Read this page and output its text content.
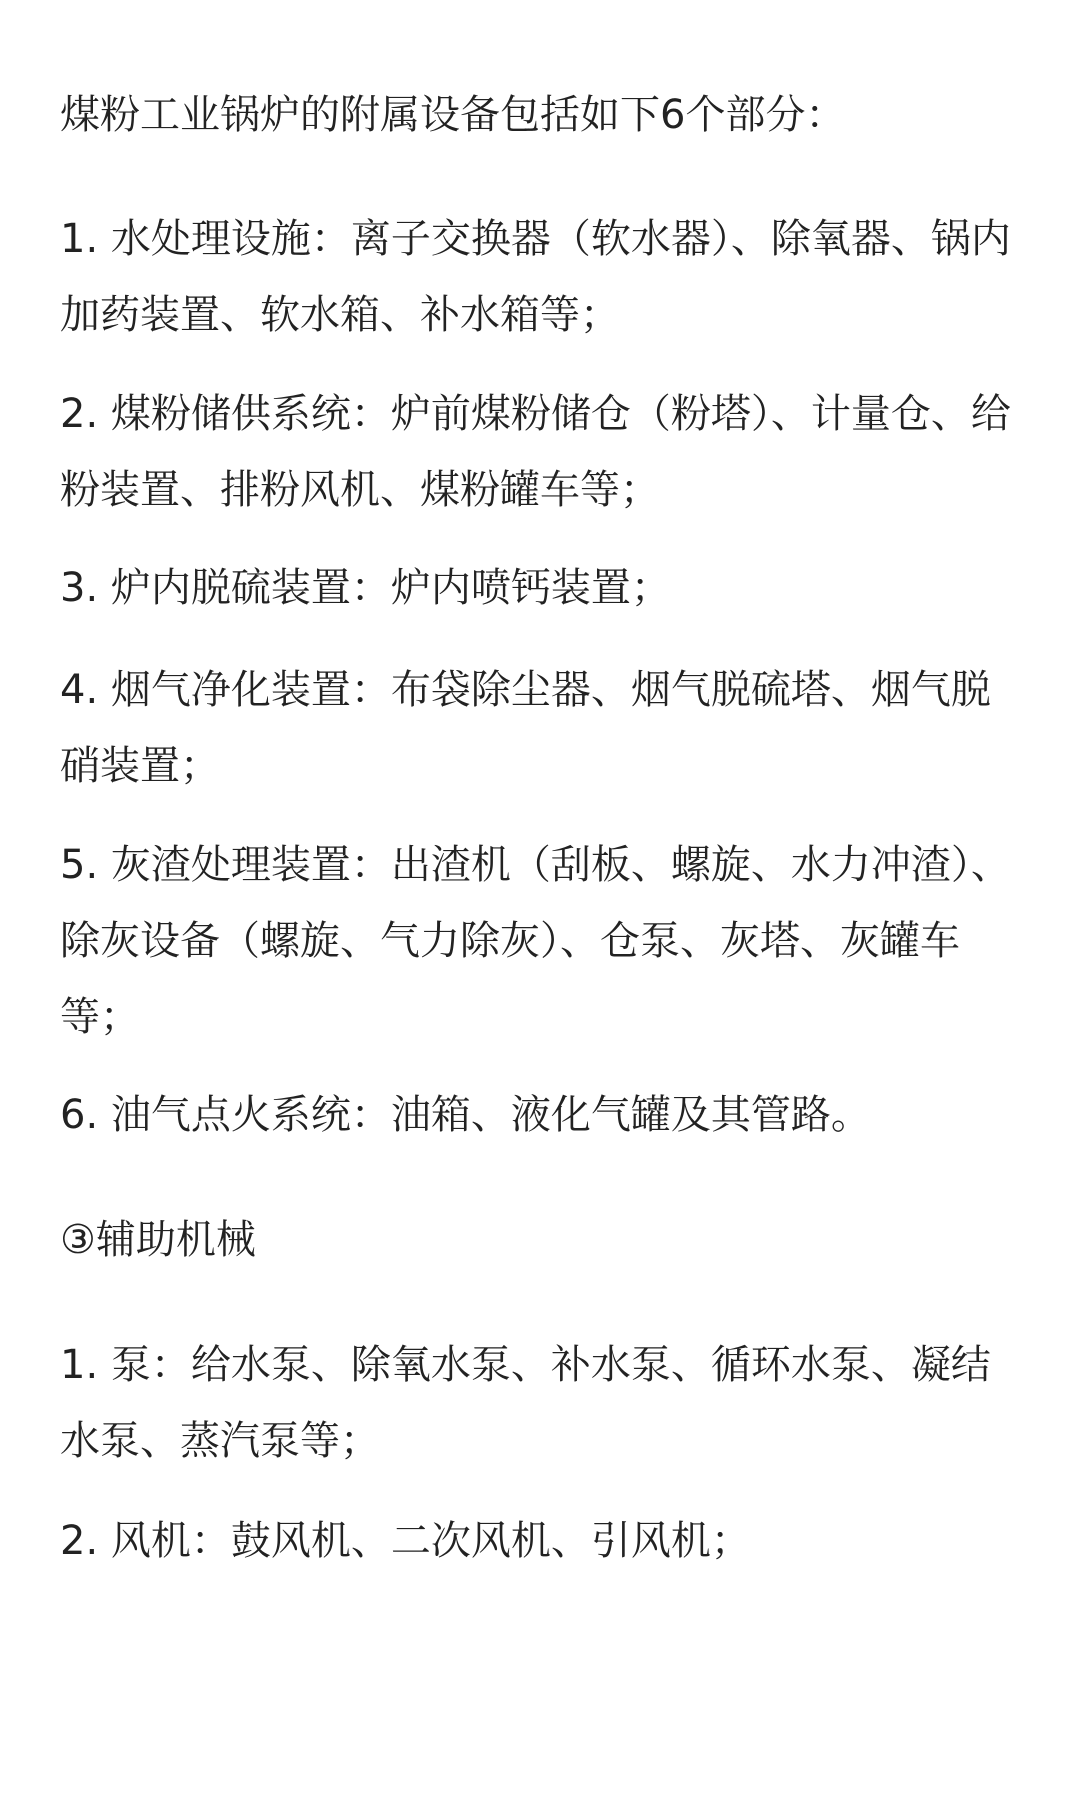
煤粉工业锅炉的附属设备包括如下6个部分：

1. 水处理设施：离子交换器（软水器）、除氧器、锅内加药装置、软水箱、补水箱等；

2. 煤粉储供系统：炉前煤粉储仓（粉塔）、计量仓、给粉装置、排粉风机、煤粉罐车等；

3. 炉内脱硫装置：炉内喷钙装置；

4. 烟气净化装置：布袋除尘器、烟气脱硫塔、烟气脱硝装置；

5. 灰渣处理装置：出渣机（刮板、螺旋、水力冲渣）、除灰设备（螺旋、气力除灰）、仓泵、灰塔、灰罐车等；

6. 油气点火系统：油箱、液化气罐及其管路。

③辅助机械

1. 泵：给水泵、除氧水泵、补水泵、循环水泵、凝结水泵、蒸汽泵等；

2. 风机：鼓风机、二次风机、引风机；
